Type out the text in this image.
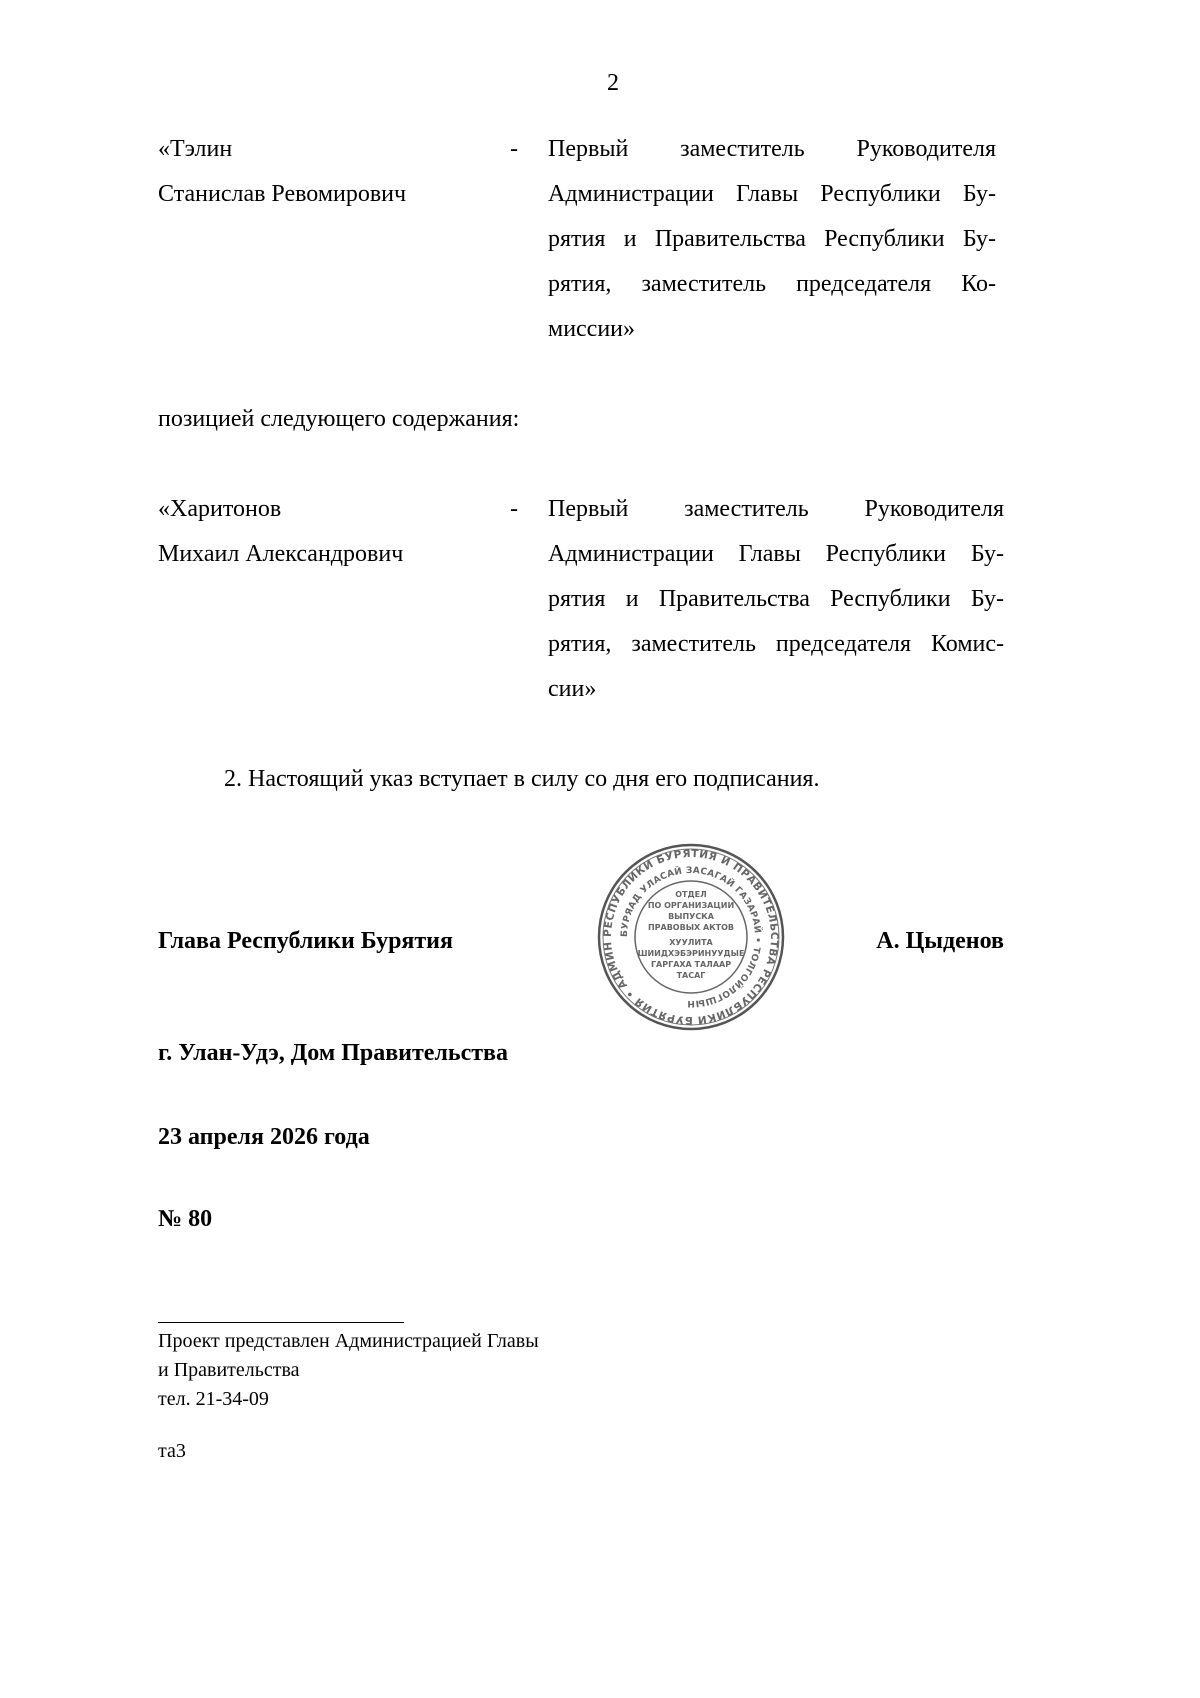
2
«Тэлин
Станислав Ревомирович
- Первый заместитель Руководителя
Администрации Главы Республики Бу-
рятия и Правительства Республики Бу-
рятия, заместитель председателя Ко-
миссии»
позицией следующего содержания:
«Харитонов
Михаил Александрович
- Первый заместитель Руководителя
Администрации Главы Республики Бу-
рятия и Правительства Республики Бу-
рятия, заместитель председателя Комис-
сии»
2. Настоящий указ вступает в силу со дня его подписания.
РЕСПУБЛИКИ БУРЯТИЯ И ПРАВИТЕЛЬСТВА РЕСПУБЛИКИ БУРЯТИЯ • АДМИН
БУРЯАД УЛАСАЙ ЗАСАГАЙ ГАЗАРАЙ • ТОЛГОЙЛОГШЫН
ОТДЕЛ
ПО ОРГАНИЗАЦИИ
ВЫПУСКА
ПРАВОВЫХ АКТОВ
ХУУЛИТА
ШИИДХЭБЭРИНУУДЫЕ
ГАРГАХА ТАЛААР
ТАСАГ
Глава Республики Бурятия	А. Цыденов
г. Улан-Удэ, Дом Правительства
23 апреля 2026 года
№ 80
Проект представлен Администрацией Главы
и Правительства
тел. 21-34-09
та3
